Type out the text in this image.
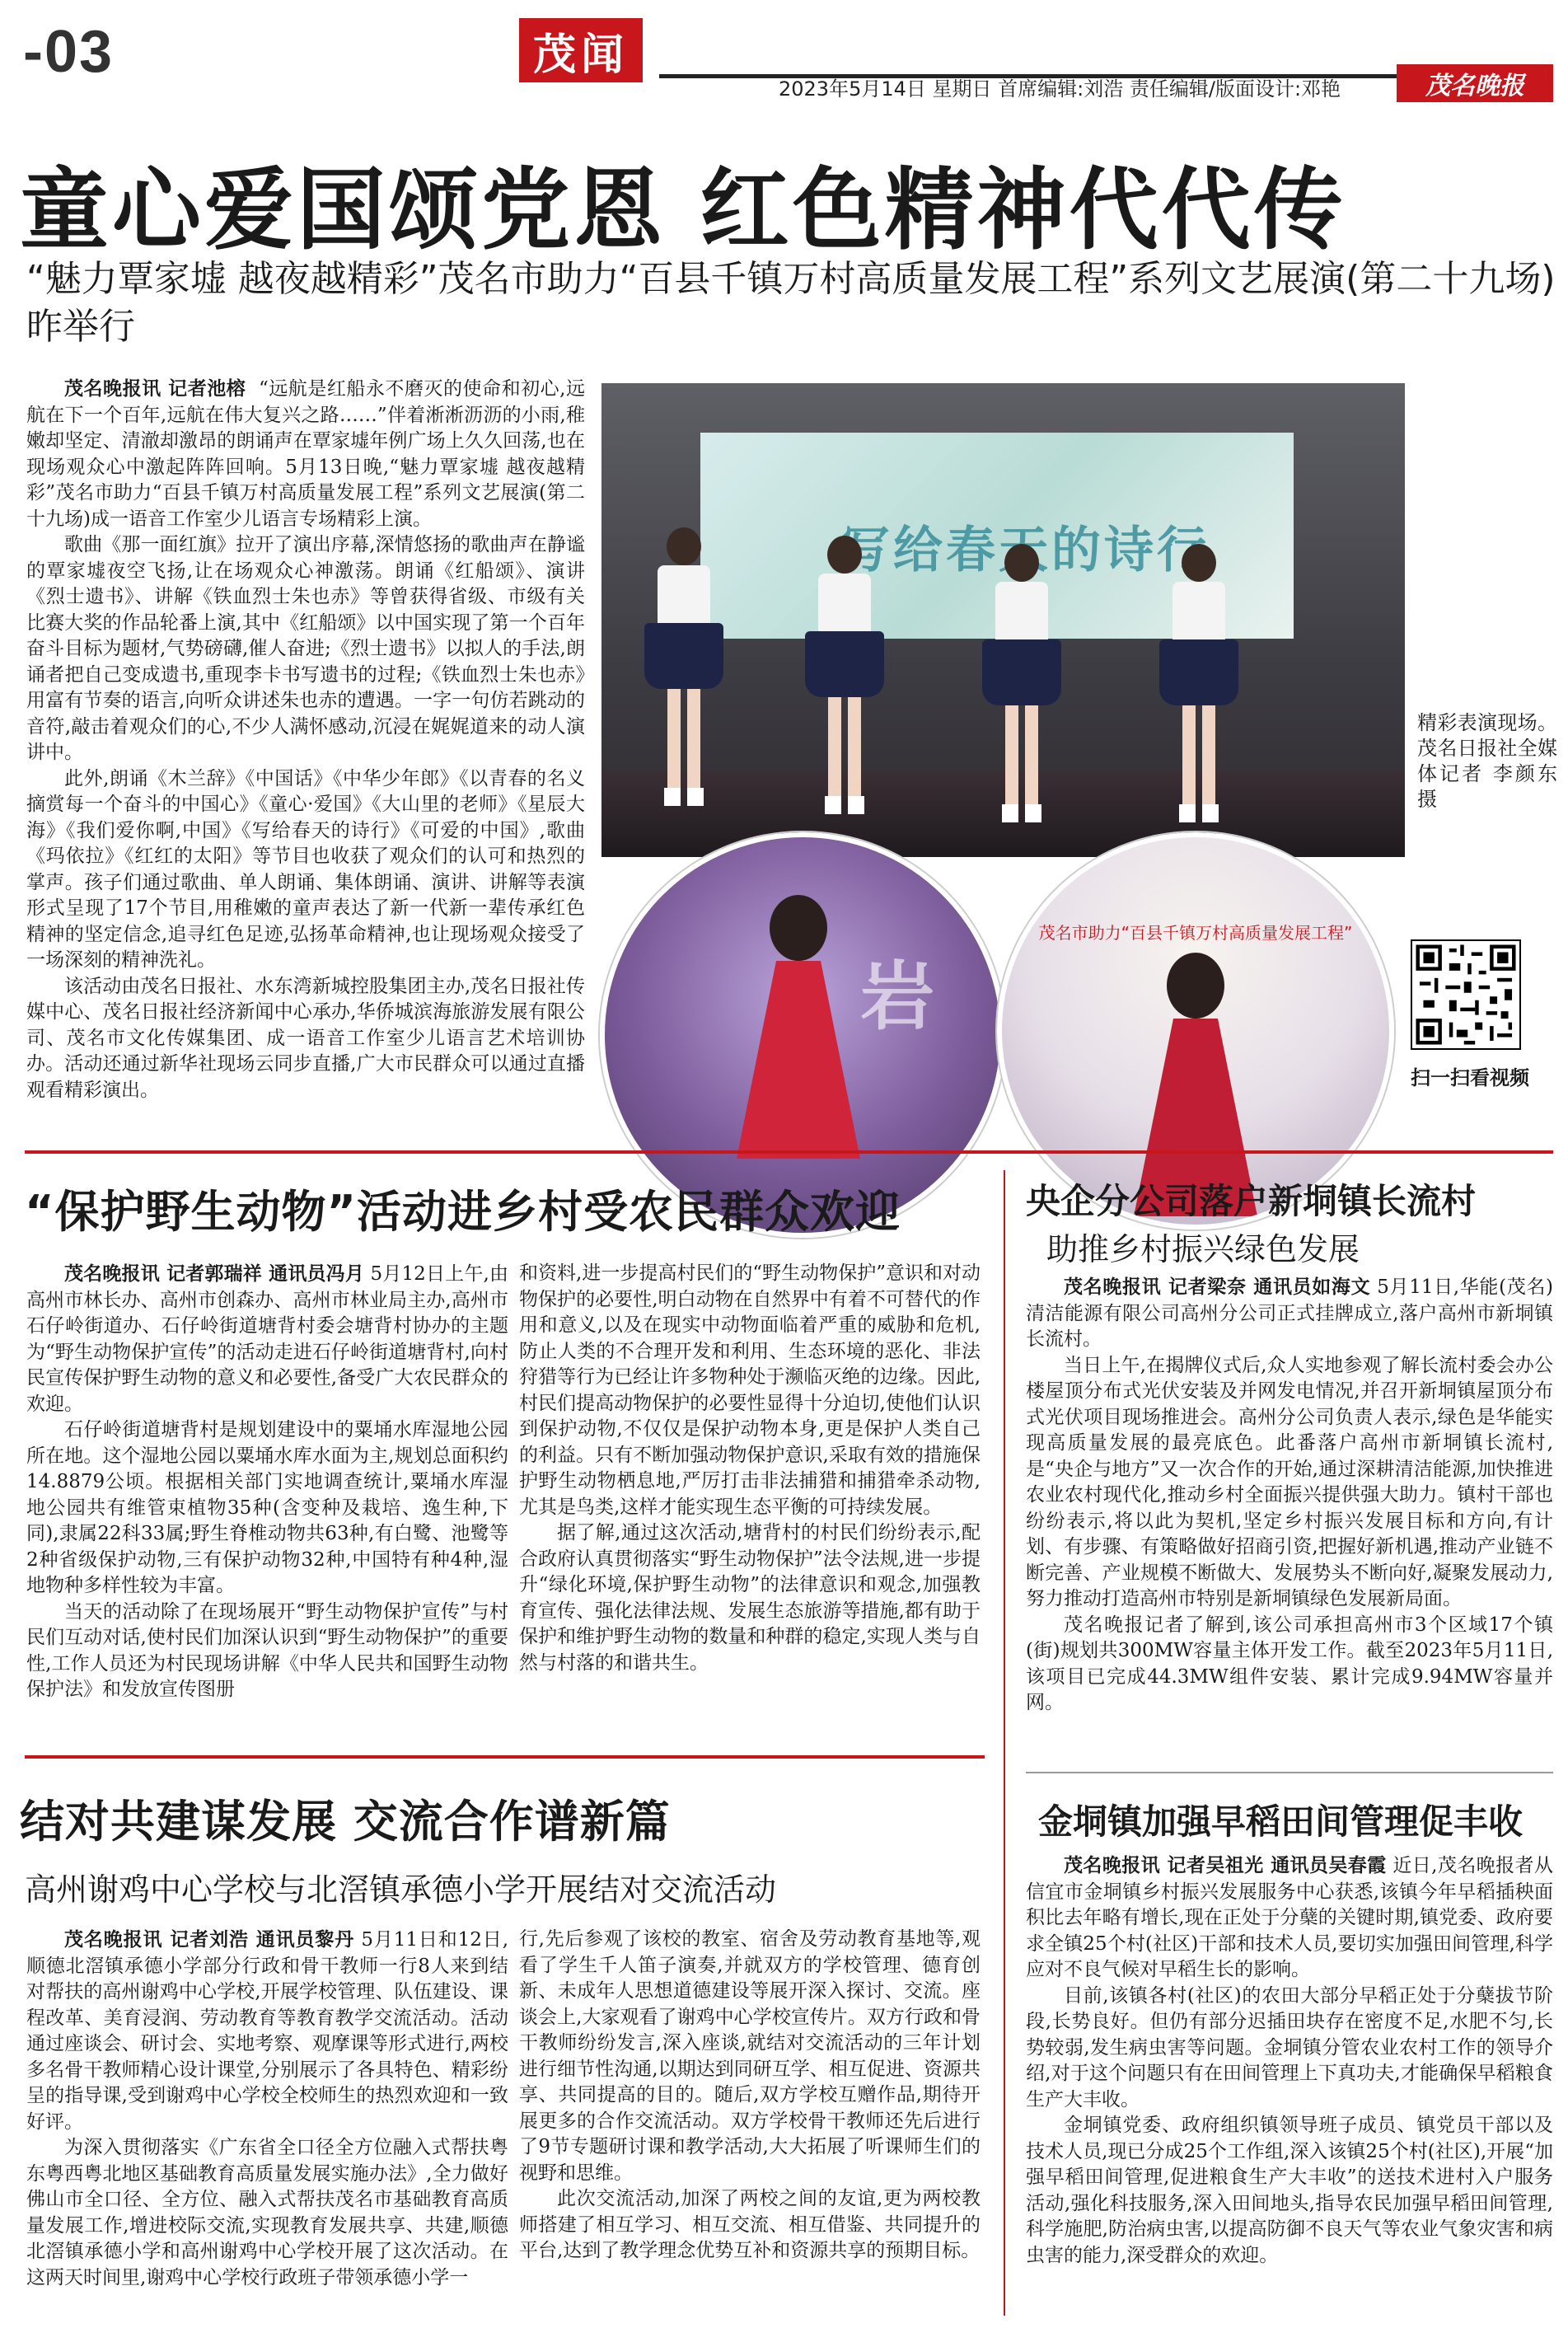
-03	茂闻
2023年5月14日 星期日 首席编辑:刘浩 责任编辑/版面设计:邓艳	茂名晚报
童心爱国颂党恩 红色精神代代传
“魅力覃家墟 越夜越精彩”茂名市助力“百县千镇万村高质量发展工程”系列文艺展演(第二十九场)昨举行

茂名晚报讯 记者池榕 “远航是红船永不磨灭的使命和初心,远航在下一个百年,远航在伟大复兴之路……”伴着淅淅沥沥的小雨,稚嫩却坚定、清澈却激昂的朗诵声在覃家墟年例广场上久久回荡,也在现场观众心中激起阵阵回响。5月13日晚,“魅力覃家墟 越夜越精彩”茂名市助力“百县千镇万村高质量发展工程”系列文艺展演(第二十九场)成一语音工作室少儿语言专场精彩上演。

歌曲《那一面红旗》拉开了演出序幕,深情悠扬的歌曲声在静谧的覃家墟夜空飞扬,让在场观众心神激荡。朗诵《红船颂》、演讲《烈士遗书》、讲解《铁血烈士朱也赤》等曾获得省级、市级有关比赛大奖的作品轮番上演,其中《红船颂》以中国实现了第一个百年奋斗目标为题材,气势磅礴,催人奋进;《烈士遗书》以拟人的手法,朗诵者把自己变成遗书,重现李卡书写遗书的过程;《铁血烈士朱也赤》用富有节奏的语言,向听众讲述朱也赤的遭遇。一字一句仿若跳动的音符,敲击着观众们的心,不少人满怀感动,沉浸在娓娓道来的动人演讲中。

此外,朗诵《木兰辞》《中国话》《中华少年郎》《以青春的名义摘赏每一个奋斗的中国心》《童心·爱国》《大山里的老师》《星辰大海》《我们爱你啊,中国》《写给春天的诗行》《可爱的中国》,歌曲《玛依拉》《红红的太阳》等节目也收获了观众们的认可和热烈的掌声。孩子们通过歌曲、单人朗诵、集体朗诵、演讲、讲解等表演形式呈现了17个节目,用稚嫩的童声表达了新一代新一辈传承红色精神的坚定信念,追寻红色足迹,弘扬革命精神,也让现场观众接受了一场深刻的精神洗礼。

该活动由茂名日报社、水东湾新城控股集团主办,茂名日报社传媒中心、茂名日报社经济新闻中心承办,华侨城滨海旅游发展有限公司、茂名市文化传媒集团、成一语音工作室少儿语言艺术培训协办。活动还通过新华社现场云同步直播,广大市民群众可以通过直播观看精彩演出。

岩
茂名市助力“百县千镇万村高质量发展工程”
精彩表演现场。茂名日报社全媒体记者 李颜东 摄
扫一扫看视频
“保护野生动物”活动进乡村受农民群众欢迎

茂名晚报讯 记者郭瑞祥 通讯员冯月 5月12日上午,由高州市林长办、高州市创森办、高州市林业局主办,高州市石仔岭街道办、石仔岭街道塘背村委会塘背村协办的主题为“野生动物保护宣传”的活动走进石仔岭街道塘背村,向村民宣传保护野生动物的意义和必要性,备受广大农民群众的欢迎。

石仔岭街道塘背村是规划建设中的粟埇水库湿地公园所在地。这个湿地公园以粟埇水库水面为主,规划总面积约14.8879公顷。根据相关部门实地调查统计,粟埇水库湿地公园共有维管束植物35种(含变种及栽培、逸生种,下同),隶属22科33属;野生脊椎动物共63种,有白鹭、池鹭等2种省级保护动物,三有保护动物32种,中国特有种4种,湿地物种多样性较为丰富。

当天的活动除了在现场展开“野生动物保护宣传”与村民们互动对话,使村民们加深认识到“野生动物保护”的重要性,工作人员还为村民现场讲解《中华人民共和国野生动物保护法》和发放宣传图册

和资料,进一步提高村民们的“野生动物保护”意识和对动物保护的必要性,明白动物在自然界中有着不可替代的作用和意义,以及在现实中动物面临着严重的威胁和危机,防止人类的不合理开发和利用、生态环境的恶化、非法狩猎等行为已经让许多物种处于濒临灭绝的边缘。因此,村民们提高动物保护的必要性显得十分迫切,使他们认识到保护动物,不仅仅是保护动物本身,更是保护人类自己的利益。只有不断加强动物保护意识,采取有效的措施保护野生动物栖息地,严厉打击非法捕猎和捕猎牵杀动物,尤其是鸟类,这样才能实现生态平衡的可持续发展。

据了解,通过这次活动,塘背村的村民们纷纷表示,配合政府认真贯彻落实“野生动物保护”法令法规,进一步提升“绿化环境,保护野生动物”的法律意识和观念,加强教育宣传、强化法律法规、发展生态旅游等措施,都有助于保护和维护野生动物的数量和种群的稳定,实现人类与自然与村落的和谐共生。

央企分公司落户新垌镇长流村
助推乡村振兴绿色发展

茂名晚报讯 记者梁奈 通讯员如海文 5月11日,华能(茂名)清洁能源有限公司高州分公司正式挂牌成立,落户高州市新垌镇长流村。

当日上午,在揭牌仪式后,众人实地参观了解长流村委会办公楼屋顶分布式光伏安装及并网发电情况,并召开新垌镇屋顶分布式光伏项目现场推进会。高州分公司负责人表示,绿色是华能实现高质量发展的最亮底色。此番落户高州市新垌镇长流村,是“央企与地方”又一次合作的开始,通过深耕清洁能源,加快推进农业农村现代化,推动乡村全面振兴提供强大助力。镇村干部也纷纷表示,将以此为契机,坚定乡村振兴发展目标和方向,有计划、有步骤、有策略做好招商引资,把握好新机遇,推动产业链不断完善、产业规模不断做大、发展势头不断向好,凝聚发展动力,努力推动打造高州市特别是新垌镇绿色发展新局面。

茂名晚报记者了解到,该公司承担高州市3个区域17个镇(街)规划共300MW容量主体开发工作。截至2023年5月11日,该项目已完成44.3MW组件安装、累计完成9.94MW容量并网。

结对共建谋发展 交流合作谱新篇
高州谢鸡中心学校与北滘镇承德小学开展结对交流活动

茂名晚报讯 记者刘浩 通讯员黎丹 5月11日和12日,顺德北滘镇承德小学部分行政和骨干教师一行8人来到结对帮扶的高州谢鸡中心学校,开展学校管理、队伍建设、课程改革、美育浸润、劳动教育等教育教学交流活动。活动通过座谈会、研讨会、实地考察、观摩课等形式进行,两校多名骨干教师精心设计课堂,分别展示了各具特色、精彩纷呈的指导课,受到谢鸡中心学校全校师生的热烈欢迎和一致好评。

为深入贯彻落实《广东省全口径全方位融入式帮扶粤东粤西粤北地区基础教育高质量发展实施办法》,全力做好佛山市全口径、全方位、融入式帮扶茂名市基础教育高质量发展工作,增进校际交流,实现教育发展共享、共建,顺德北滘镇承德小学和高州谢鸡中心学校开展了这次活动。在这两天时间里,谢鸡中心学校行政班子带领承德小学一

行,先后参观了该校的教室、宿舍及劳动教育基地等,观看了学生千人笛子演奏,并就双方的学校管理、德育创新、未成年人思想道德建设等展开深入探讨、交流。座谈会上,大家观看了谢鸡中心学校宣传片。双方行政和骨干教师纷纷发言,深入座谈,就结对交流活动的三年计划进行细节性沟通,以期达到同研互学、相互促进、资源共享、共同提高的目的。随后,双方学校互赠作品,期待开展更多的合作交流活动。双方学校骨干教师还先后进行了9节专题研讨课和教学活动,大大拓展了听课师生们的视野和思维。

此次交流活动,加深了两校之间的友谊,更为两校教师搭建了相互学习、相互交流、相互借鉴、共同提升的平台,达到了教学理念优势互补和资源共享的预期目标。

金垌镇加强早稻田间管理促丰收

茂名晚报讯 记者吴祖光 通讯员吴春霞 近日,茂名晚报者从信宜市金垌镇乡村振兴发展服务中心获悉,该镇今年早稻插秧面积比去年略有增长,现在正处于分蘖的关键时期,镇党委、政府要求全镇25个村(社区)干部和技术人员,要切实加强田间管理,科学应对不良气候对早稻生长的影响。

目前,该镇各村(社区)的农田大部分早稻正处于分蘖拔节阶段,长势良好。但仍有部分迟插田块存在密度不足,水肥不匀,长势较弱,发生病虫害等问题。金垌镇分管农业农村工作的领导介绍,对于这个问题只有在田间管理上下真功夫,才能确保早稻粮食生产大丰收。

金垌镇党委、政府组织镇领导班子成员、镇党员干部以及技术人员,现已分成25个工作组,深入该镇25个村(社区),开展“加强早稻田间管理,促进粮食生产大丰收”的送技术进村入户服务活动,强化科技服务,深入田间地头,指导农民加强早稻田间管理,科学施肥,防治病虫害,以提高防御不良天气等农业气象灾害和病虫害的能力,深受群众的欢迎。
